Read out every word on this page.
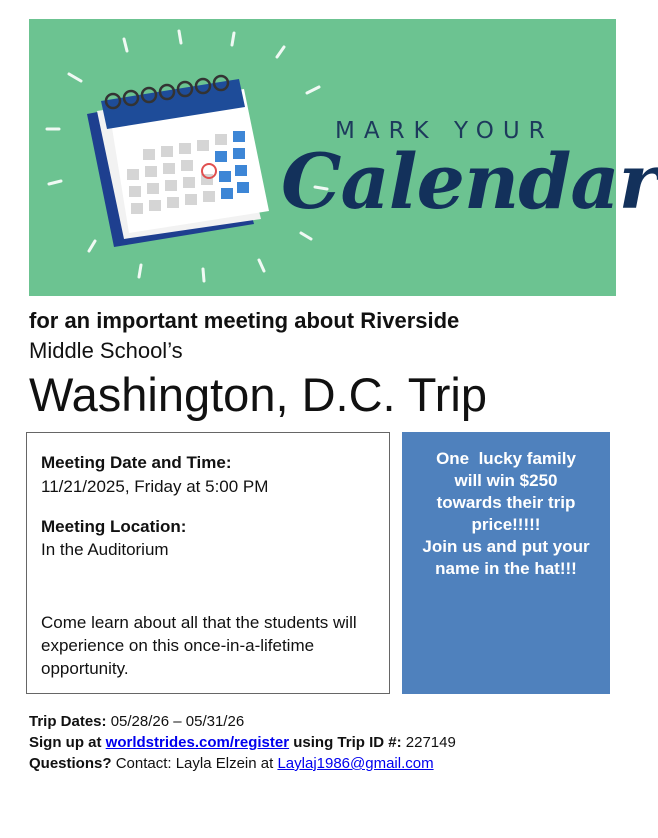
MARK YOUR
Calendar
for an important meeting about Riverside
Middle School’s
Washington, D.C. Trip
Meeting Date and Time:
11/21/2025, Friday at 5:00 PM
Meeting Location:
In the Auditorium
Come learn about all that the students will experience on this once-in-a-lifetime opportunity.
One  lucky family
will win $250
towards their trip
price!!!!!
Join us and put your
name in the hat!!!
Trip Dates: 05/28/26 – 05/31/26
Sign up at worldstrides.com/register using Trip ID #: 227149
Questions? Contact: Layla Elzein at Laylaj1986@gmail.com
